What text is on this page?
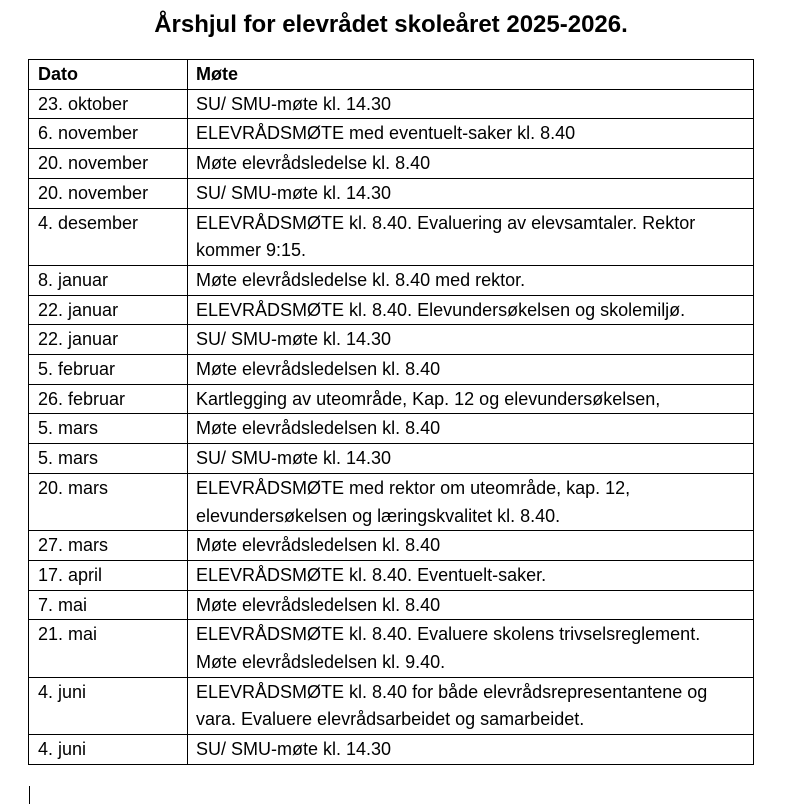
Årshjul for elevrådet skoleåret 2025-2026.
Dato	Møte
23. oktober	SU/ SMU-møte kl. 14.30
6. november	ELEVRÅDSMØTE med eventuelt-saker kl. 8.40
20. november	Møte elevrådsledelse kl. 8.40
20. november	SU/ SMU-møte kl. 14.30
4. desember	ELEVRÅDSMØTE kl. 8.40. Evaluering av elevsamtaler. Rektor kommer 9:15.
8. januar	Møte elevrådsledelse kl. 8.40 med rektor.
22. januar	ELEVRÅDSMØTE kl. 8.40. Elevundersøkelsen og skolemiljø.
22. januar	SU/ SMU-møte kl. 14.30
5. februar	Møte elevrådsledelsen kl. 8.40
26. februar	Kartlegging av uteområde, Kap. 12 og elevundersøkelsen,
5. mars	Møte elevrådsledelsen kl. 8.40
5. mars	SU/ SMU-møte kl. 14.30
20. mars	ELEVRÅDSMØTE med rektor om uteområde, kap. 12, elevundersøkelsen og læringskvalitet kl. 8.40.
27. mars	Møte elevrådsledelsen kl. 8.40
17. april	ELEVRÅDSMØTE kl. 8.40. Eventuelt-saker.
7. mai	Møte elevrådsledelsen kl. 8.40
21. mai	ELEVRÅDSMØTE kl. 8.40. Evaluere skolens trivselsreglement. Møte elevrådsledelsen kl. 9.40.
4. juni	ELEVRÅDSMØTE kl. 8.40 for både elevrådsrepresentantene og vara. Evaluere elevrådsarbeidet og samarbeidet.
4. juni	SU/ SMU-møte kl. 14.30
